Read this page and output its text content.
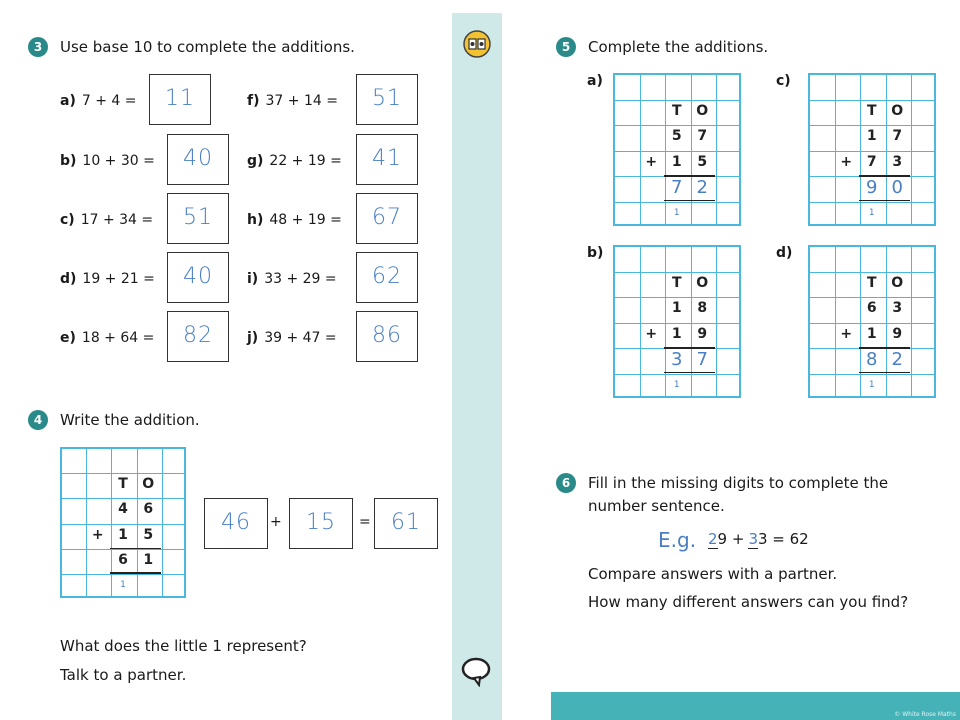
3	Use base 10 to complete the additions.
a) 7 + 4 =	11
b) 10 + 30 =	40
c) 17 + 34 =	51
d) 19 + 21 =	40
e) 18 + 64 =	82
f) 37 + 14 =	51
g) 22 + 19 =	41
h) 48 + 19 =	67
i) 33 + 29 =	62
j) 39 + 47 =	86
4	Write the addition.
T	O
4	6
+	1	5
6	1
1
46	+	15	= 61
What does the little 1 represent?
Talk to a partner.
5	Complete the additions.
a)
T	O
5	7
+	1	5
7 2
1
c)
T	O
1	7
+	7	3
9 0
1
b)
T	O
1	8
+	1	9
3 7
1
d)
T	O
6	3
+	1	9
8 2
1
6	Fill in the missing digits to complete the
number sentence.
E.g. 29 + 33 = 62
Compare answers with a partner.
How many different answers can you find?
© White Rose Maths
